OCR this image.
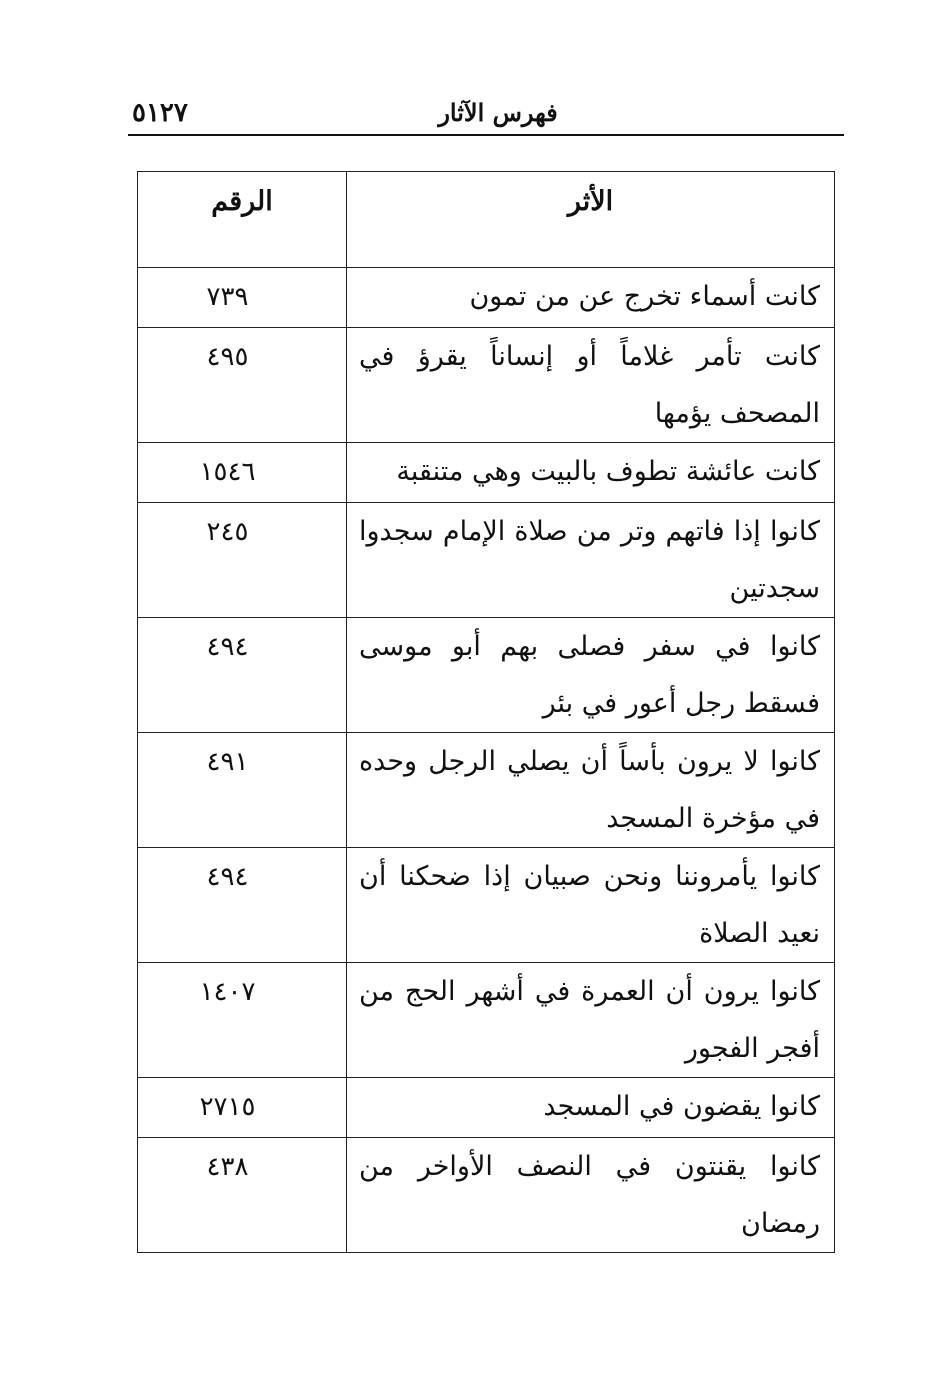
٥١٢٧	فهرس الآثار
الأثر	الرقم
كانت أسماء تخرج عن من تمون	٧٣٩
كانت تأمر غلاماً أو إنساناً يقرؤ في المصحف يؤمها	٤٩٥
كانت عائشة تطوف بالبيت وهي متنقبة	١٥٤٦
كانوا إذا فاتهم وتر من صلاة الإمام سجدوا سجدتين	٢٤٥
كانوا في سفر فصلى بهم أبو موسى فسقط رجل أعور في بئر	٤٩٤
كانوا لا يرون بأساً أن يصلي الرجل وحده في مؤخرة المسجد	٤٩١
كانوا يأمروننا ونحن صبيان إذا ضحكنا أن نعيد الصلاة	٤٩٤
كانوا يرون أن العمرة في أشهر الحج من أفجر الفجور	١٤٠٧
كانوا يقضون في المسجد	٢٧١٥
كانوا يقنتون في النصف الأواخر من رمضان	٤٣٨
